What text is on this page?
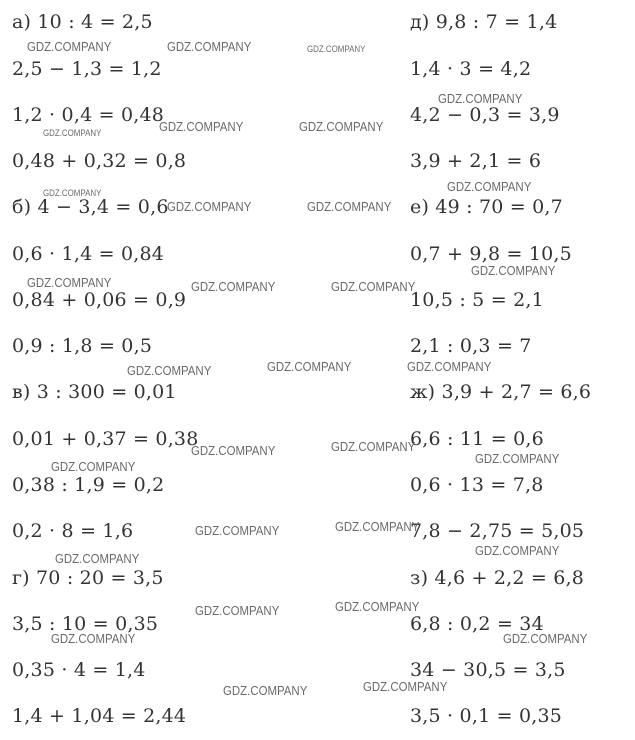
а) 10 : 4 = 2,5
2,5 − 1,3 = 1,2
1,2 · 0,4 = 0,48
0,48 + 0,32 = 0,8
б) 4 − 3,4 = 0,6
0,6 · 1,4 = 0,84
0,84 + 0,06 = 0,9
0,9 : 1,8 = 0,5
в) 3 : 300 = 0,01
0,01 + 0,37 = 0,38
0,38 : 1,9 = 0,2
0,2 · 8 = 1,6
г) 70 : 20 = 3,5
3,5 : 10 = 0,35
0,35 · 4 = 1,4
1,4 + 1,04 = 2,44
д) 9,8 : 7 = 1,4
1,4 · 3 = 4,2
4,2 − 0,3 = 3,9
3,9 + 2,1 = 6
е) 49 : 70 = 0,7
0,7 + 9,8 = 10,5
10,5 : 5 = 2,1
2,1 : 0,3 = 7
ж) 3,9 + 2,7 = 6,6
6,6 : 11 = 0,6
0,6 · 13 = 7,8
7,8 − 2,75 = 5,05
з) 4,6 + 2,2 = 6,8
6,8 : 0,2 = 34
34 − 30,5 = 3,5
3,5 · 0,1 = 0,35
GDZ.COMPANY	GDZ.COMPANY	GDZ.COMPANY
GDZ.COMPANY
GDZ.COMPANY	GDZ.COMPANY
GDZ.COMPANY
GDZ.COMPANY
GDZ.COMPANY
GDZ.COMPANY	GDZ.COMPANY
GDZ.COMPANY
GDZ.COMPANY	GDZ.COMPANY	GDZ.COMPANY
GDZ.COMPANY	GDZ.COMPANY
GDZ.COMPANY
GDZ.COMPANY
GDZ.COMPANY
GDZ.COMPANY
GDZ.COMPANY
GDZ.COMPANY
GDZ.COMPANY
GDZ.COMPANY
GDZ.COMPANY
GDZ.COMPANY
GDZ.COMPANY
GDZ.COMPANY	GDZ.COMPANY
GDZ.COMPANY
GDZ.COMPANY
